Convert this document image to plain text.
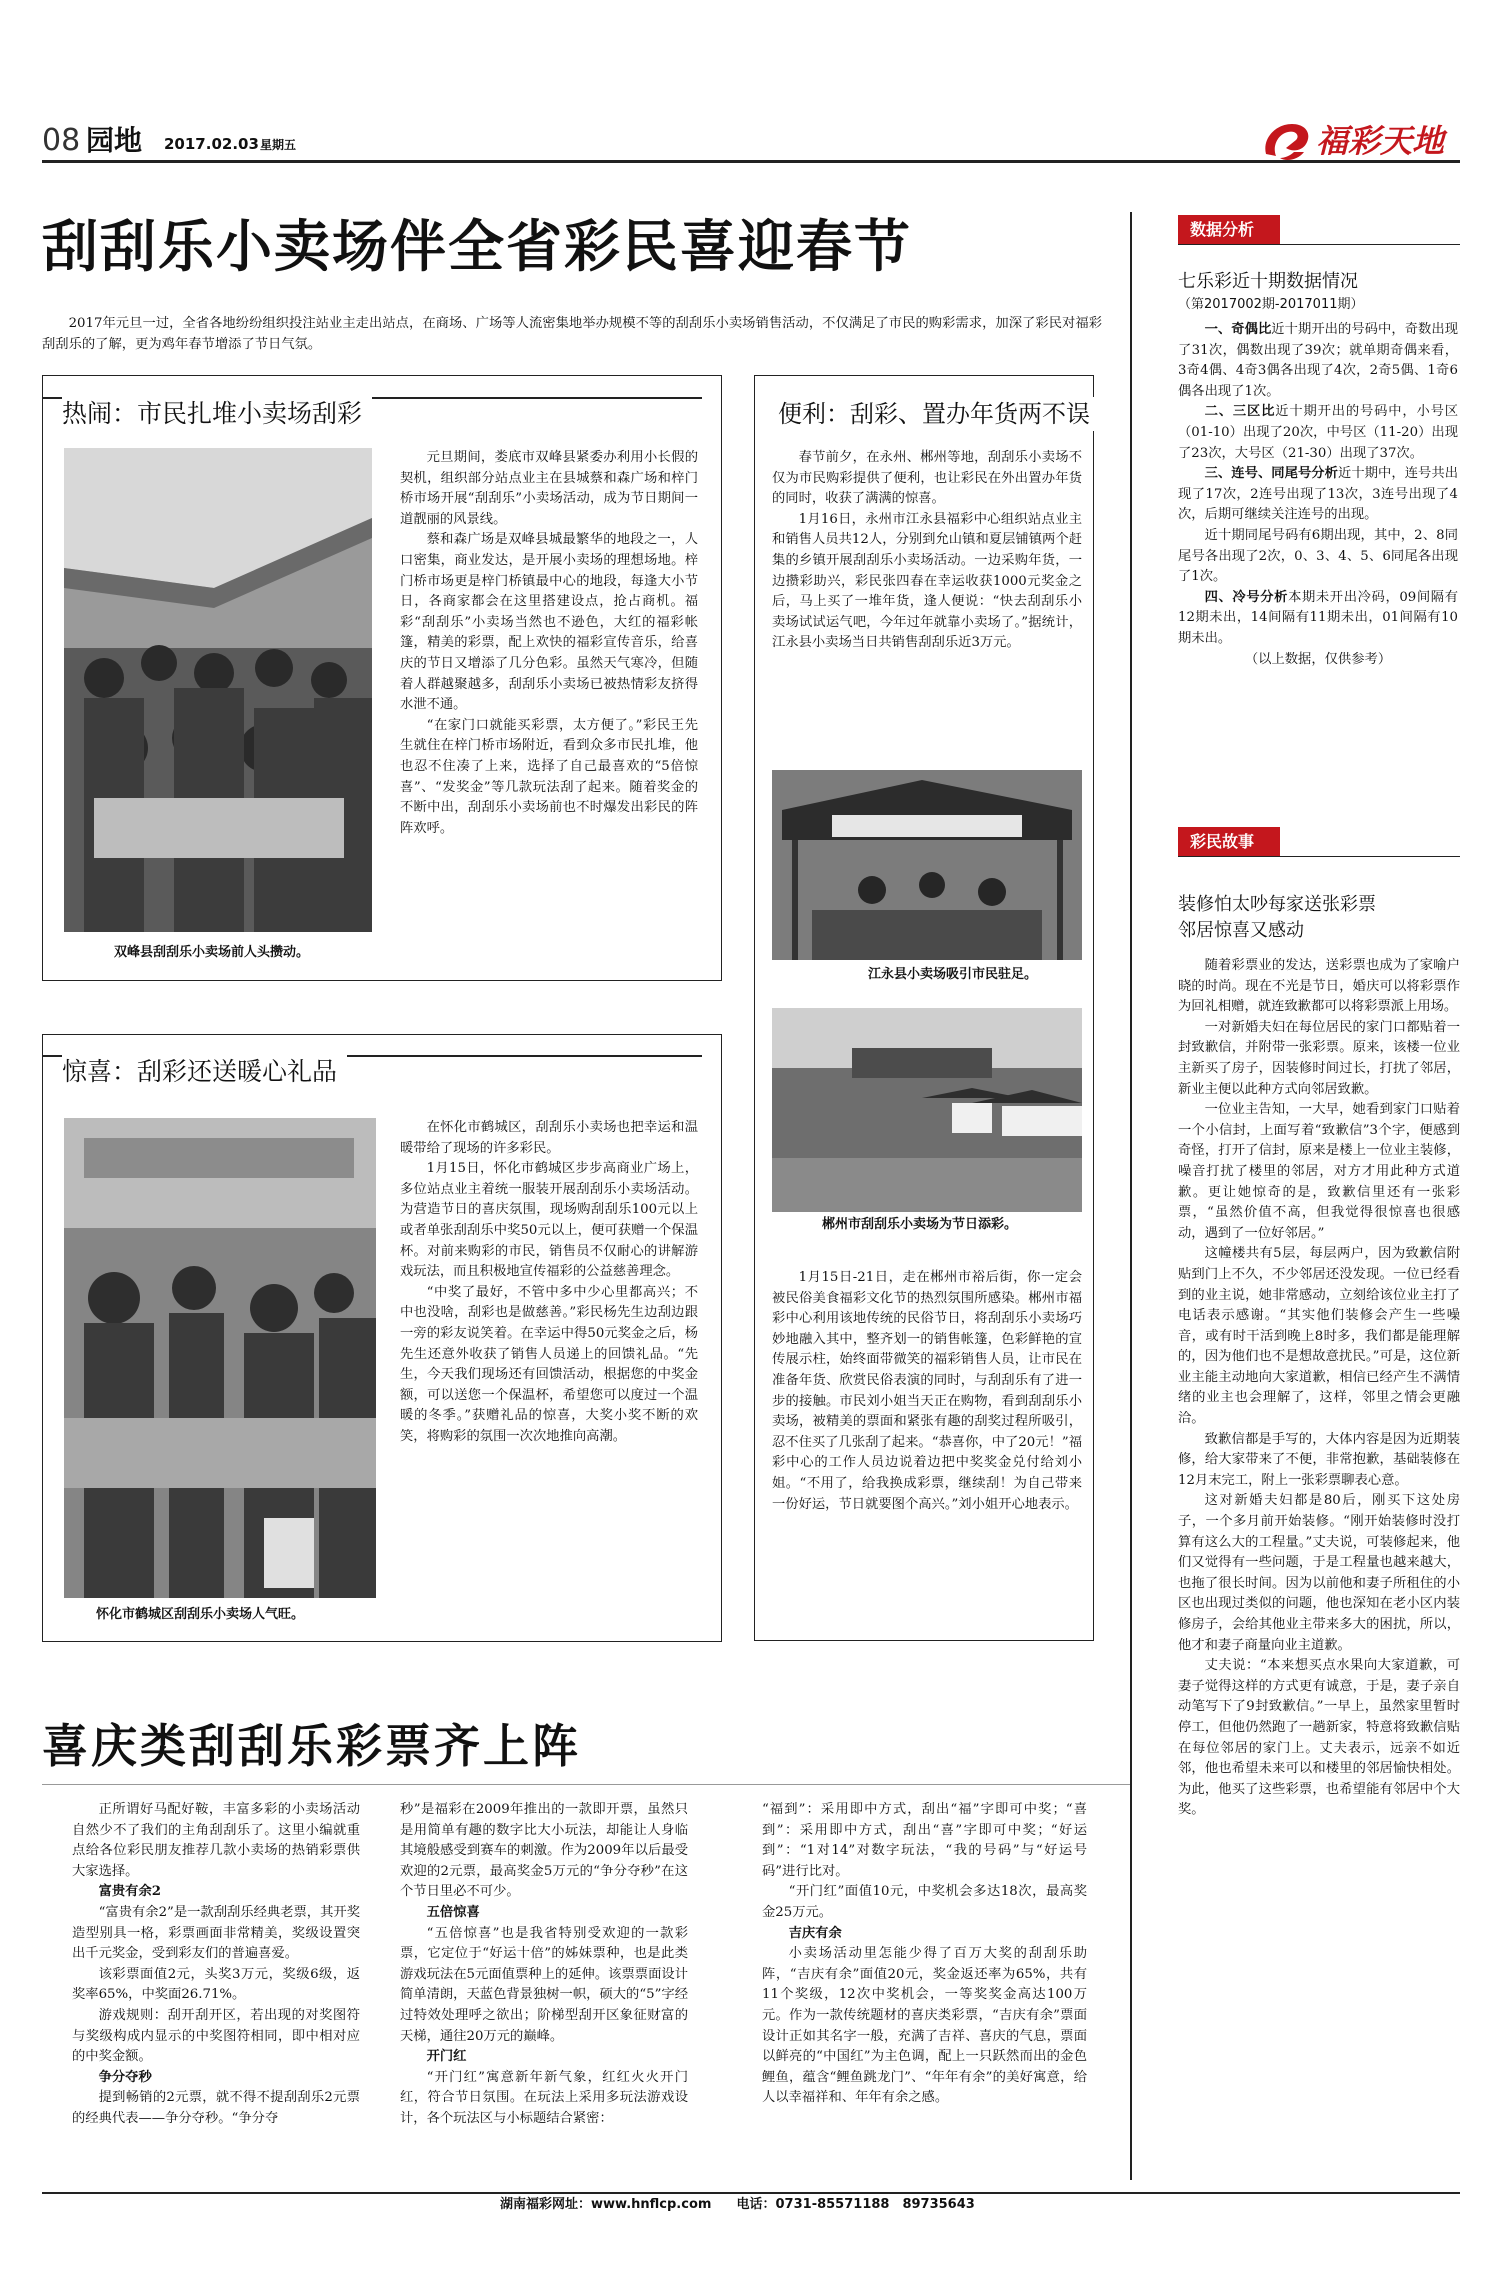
08 园地 2017.02.03 星期五	福彩天地
刮刮乐小卖场伴全省彩民喜迎春节

2017年元旦一过，全省各地纷纷组织投注站业主走出站点，在商场、广场等人流密集地举办规模不等的刮刮乐小卖场销售活动，不仅满足了市民的购彩需求，加深了彩民对福彩刮刮乐的了解，更为鸡年春节增添了节日气氛。

热闹：市民扎堆小卖场刮彩
双峰县刮刮乐小卖场前人头攒动。

元旦期间，娄底市双峰县紧委办利用小长假的契机，组织部分站点业主在县城蔡和森广场和梓门桥市场开展“刮刮乐”小卖场活动，成为节日期间一道靓丽的风景线。

蔡和森广场是双峰县城最繁华的地段之一，人口密集，商业发达，是开展小卖场的理想场地。梓门桥市场更是梓门桥镇最中心的地段，每逢大小节日，各商家都会在这里搭建设点，抢占商机。福彩“刮刮乐”小卖场当然也不逊色，大红的福彩帐篷，精美的彩票，配上欢快的福彩宣传音乐，给喜庆的节日又增添了几分色彩。虽然天气寒冷，但随着人群越聚越多，刮刮乐小卖场已被热情彩友挤得水泄不通。

“在家门口就能买彩票，太方便了。”彩民王先生就住在梓门桥市场附近，看到众多市民扎堆，他也忍不住凑了上来，选择了自己最喜欢的“5倍惊喜”、“发奖金”等几款玩法刮了起来。随着奖金的不断中出，刮刮乐小卖场前也不时爆发出彩民的阵阵欢呼。

惊喜：刮彩还送暖心礼品
怀化市鹤城区刮刮乐小卖场人气旺。

在怀化市鹤城区，刮刮乐小卖场也把幸运和温暖带给了现场的许多彩民。

1月15日，怀化市鹤城区步步高商业广场上，多位站点业主着统一服装开展刮刮乐小卖场活动。为营造节日的喜庆氛围，现场购刮刮乐100元以上或者单张刮刮乐中奖50元以上，便可获赠一个保温杯。对前来购彩的市民，销售员不仅耐心的讲解游戏玩法，而且积极地宣传福彩的公益慈善理念。

“中奖了最好，不管中多中少心里都高兴；不中也没啥，刮彩也是做慈善。”彩民杨先生边刮边跟一旁的彩友说笑着。在幸运中得50元奖金之后，杨先生还意外收获了销售人员递上的回馈礼品。“先生，今天我们现场还有回馈活动，根据您的中奖金额，可以送您一个保温杯，希望您可以度过一个温暖的冬季。”获赠礼品的惊喜，大奖小奖不断的欢笑，将购彩的氛围一次次地推向高潮。

便利：刮彩、置办年货两不误

春节前夕，在永州、郴州等地，刮刮乐小卖场不仅为市民购彩提供了便利，也让彩民在外出置办年货的同时，收获了满满的惊喜。

1月16日，永州市江永县福彩中心组织站点业主和销售人员共12人，分别到允山镇和夏层铺镇两个赶集的乡镇开展刮刮乐小卖场活动。一边采购年货，一边攒彩助兴，彩民张四春在幸运收获1000元奖金之后，马上买了一堆年货，逢人便说：“快去刮刮乐小卖场试试运气吧，今年过年就靠小卖场了。”据统计，江永县小卖场当日共销售刮刮乐近3万元。

江永县小卖场吸引市民驻足。
郴州市刮刮乐小卖场为节日添彩。

1月15日-21日，走在郴州市裕后街，你一定会被民俗美食福彩文化节的热烈氛围所感染。郴州市福彩中心利用该地传统的民俗节日，将刮刮乐小卖场巧妙地融入其中，整齐划一的销售帐篷，色彩鲜艳的宣传展示柱，始终面带微笑的福彩销售人员，让市民在准备年货、欣赏民俗表演的同时，与刮刮乐有了进一步的接触。市民刘小姐当天正在购物，看到刮刮乐小卖场，被精美的票面和紧张有趣的刮奖过程所吸引，忍不住买了几张刮了起来。“恭喜你，中了20元！”福彩中心的工作人员边说着边把中奖奖金兑付给刘小姐。“不用了，给我换成彩票，继续刮！为自己带来一份好运，节日就要图个高兴。”刘小姐开心地表示。

喜庆类刮刮乐彩票齐上阵

正所谓好马配好鞍，丰富多彩的小卖场活动自然少不了我们的主角刮刮乐了。这里小编就重点给各位彩民朋友推荐几款小卖场的热销彩票供大家选择。

富贵有余2

“富贵有余2”是一款刮刮乐经典老票，其开奖造型别具一格，彩票画面非常精美，奖级设置突出千元奖金，受到彩友们的普遍喜爱。

该彩票面值2元，头奖3万元，奖级6级，返奖率65%，中奖面26.71%。

游戏规则：刮开刮开区，若出现的对奖图符与奖级构成内显示的中奖图符相同，即中相对应的中奖金额。

争分夺秒

提到畅销的2元票，就不得不提刮刮乐2元票的经典代表——争分夺秒。“争分夺

秒”是福彩在2009年推出的一款即开票，虽然只是用简单有趣的数字比大小玩法，却能让人身临其境般感受到赛车的刺激。作为2009年以后最受欢迎的2元票，最高奖金5万元的“争分夺秒”在这个节日里必不可少。

五倍惊喜

“五倍惊喜”也是我省特别受欢迎的一款彩票，它定位于“好运十倍”的姊妹票种，也是此类游戏玩法在5元面值票种上的延伸。该票票面设计简单清朗，天蓝色背景独树一帜，硕大的“5”字经过特效处理呼之欲出；阶梯型刮开区象征财富的天梯，通往20万元的巅峰。

开门红

“开门红”寓意新年新气象，红红火火开门红，符合节日氛围。在玩法上采用多玩法游戏设计，各个玩法区与小标题结合紧密：

“福到”：采用即中方式，刮出“福”字即可中奖；“喜到”：采用即中方式，刮出“喜”字即可中奖；“好运到”：“1对14”对数字玩法，“我的号码”与“好运号码”进行比对。

“开门红”面值10元，中奖机会多达18次，最高奖金25万元。

吉庆有余

小卖场活动里怎能少得了百万大奖的刮刮乐助阵，“吉庆有余”面值20元，奖金返还率为65%，共有11个奖级，12次中奖机会，一等奖奖金高达100万元。作为一款传统题材的喜庆类彩票，“吉庆有余”票面设计正如其名字一般，充满了吉祥、喜庆的气息，票面以鲜亮的“中国红”为主色调，配上一只跃然而出的金色鲤鱼，蕴含“鲤鱼跳龙门”、“年年有余”的美好寓意，给人以幸福祥和、年年有余之感。

数据分析
七乐彩近十期数据情况
（第2017002期-2017011期）

一、奇偶比近十期开出的号码中，奇数出现了31次，偶数出现了39次；就单期奇偶来看，3奇4偶、4奇3偶各出现了4次，2奇5偶、1奇6偶各出现了1次。

二、三区比近十期开出的号码中，小号区（01-10）出现了20次，中号区（11-20）出现了23次，大号区（21-30）出现了37次。

三、连号、同尾号分析近十期中，连号共出现了17次，2连号出现了13次，3连号出现了4次，后期可继续关注连号的出现。

近十期同尾号码有6期出现，其中，2、8同尾号各出现了2次，0、3、4、5、6同尾各出现了1次。

四、冷号分析本期未开出冷码，09间隔有12期未出，14间隔有11期未出，01间隔有10期未出。

（以上数据，仅供参考）

彩民故事
装修怕太吵每家送张彩票
邻居惊喜又感动

随着彩票业的发达，送彩票也成为了家喻户晓的时尚。现在不光是节日，婚庆可以将彩票作为回礼相赠，就连致歉都可以将彩票派上用场。

一对新婚夫妇在每位居民的家门口都贴着一封致歉信，并附带一张彩票。原来，该楼一位业主新买了房子，因装修时间过长，打扰了邻居，新业主便以此种方式向邻居致歉。

一位业主告知，一大早，她看到家门口贴着一个小信封，上面写着“致歉信”3个字，便感到奇怪，打开了信封，原来是楼上一位业主装修，噪音打扰了楼里的邻居，对方才用此种方式道歉。更让她惊奇的是，致歉信里还有一张彩票，“虽然价值不高，但我觉得很惊喜也很感动，遇到了一位好邻居。”

这幢楼共有5层，每层两户，因为致歉信附贴到门上不久，不少邻居还没发现。一位已经看到的业主说，她非常感动，立刻给该位业主打了电话表示感谢。“其实他们装修会产生一些噪音，或有时干活到晚上8时多，我们都是能理解的，因为他们也不是想故意扰民。”可是，这位新业主能主动地向大家道歉，相信已经产生不满情绪的业主也会理解了，这样，邻里之情会更融洽。

致歉信都是手写的，大体内容是因为近期装修，给大家带来了不便，非常抱歉，基础装修在12月末完工，附上一张彩票聊表心意。

这对新婚夫妇都是80后，刚买下这处房子，一个多月前开始装修。“刚开始装修时没打算有这么大的工程量。”丈夫说，可装修起来，他们又觉得有一些问题，于是工程量也越来越大，也拖了很长时间。因为以前他和妻子所租住的小区也出现过类似的问题，他也深知在老小区内装修房子，会给其他业主带来多大的困扰，所以，他才和妻子商量向业主道歉。

丈夫说：“本来想买点水果向大家道歉，可妻子觉得这样的方式更有诚意，于是，妻子亲自动笔写下了9封致歉信。”一早上，虽然家里暂时停工，但他仍然跑了一趟新家，特意将致歉信贴在每位邻居的家门上。丈夫表示，远亲不如近邻，他也希望未来可以和楼里的邻居愉快相处。为此，他买了这些彩票，也希望能有邻居中个大奖。

湖南福彩网址：www.hnflcp.com 电话：0731-85571188　89735643
